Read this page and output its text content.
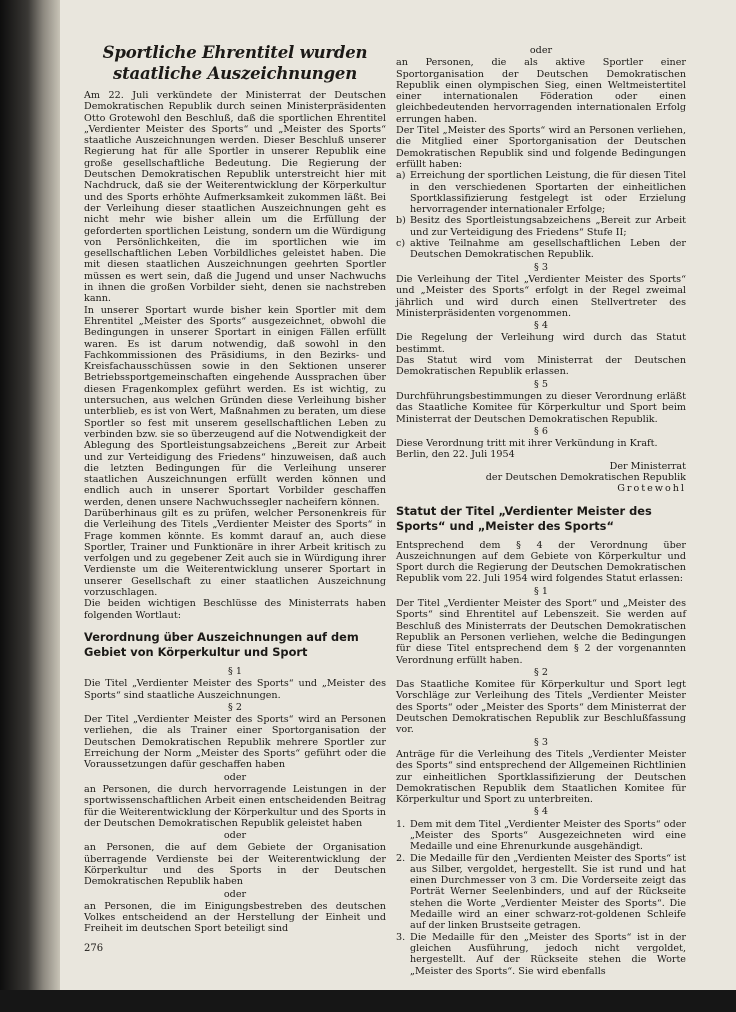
Sportliche Ehrentitel wurden staatliche Auszeichnungen

Am 22. Juli verkündete der Ministerrat der Deutschen Demokratischen Republik durch seinen Ministerpräsidenten Otto Grotewohl den Beschluß, daß die sportlichen Ehrentitel „Verdienter Meister des Sports“ und „Meister des Sports“ staatliche Auszeichnungen werden. Dieser Beschluß unserer Regierung hat für alle Sportler in unserer Republik eine große gesellschaftliche Bedeutung. Die Regierung der Deutschen Demokratischen Republik unterstreicht hier mit Nachdruck, daß sie der Weiterentwicklung der Körperkultur und des Sports erhöhte Aufmerksamkeit zukommen läßt. Bei der Verleihung dieser staatlichen Auszeichnungen geht es nicht mehr wie bisher allein um die Erfüllung der geforderten sportlichen Leistung, sondern um die Würdigung von Persönlichkeiten, die im sportlichen wie im gesellschaftlichen Leben Vorbildliches geleistet haben. Die mit diesen staatlichen Auszeichnungen geehrten Sportler müssen es wert sein, daß die Jugend und unser Nachwuchs in ihnen die großen Vorbilder sieht, denen sie nachstreben kann.

In unserer Sportart wurde bisher kein Sportler mit dem Ehrentitel „Meister des Sports“ ausgezeichnet, obwohl die Bedingungen in unserer Sportart in einigen Fällen erfüllt waren. Es ist darum notwendig, daß sowohl in den Fachkommissionen des Präsidiums, in den Bezirks- und Kreisfachausschüssen sowie in den Sektionen unserer Betriebssportgemeinschaften eingehende Aussprachen über diesen Fragenkomplex geführt werden. Es ist wichtig, zu untersuchen, aus welchen Gründen diese Verleihung bisher unterblieb, es ist von Wert, Maßnahmen zu beraten, um diese Sportler so fest mit unserem gesellschaftlichen Leben zu verbinden bzw. sie so überzeugend auf die Notwendigkeit der Ablegung des Sportleistungsabzeichens „Bereit zur Arbeit und zur Verteidigung des Friedens“ hinzuweisen, daß auch die letzten Bedingungen für die Verleihung unserer staatlichen Auszeichnungen erfüllt werden können und endlich auch in unserer Sportart Vorbilder geschaffen werden, denen unsere Nachwuchssegler nacheifern können.

Darüberhinaus gilt es zu prüfen, welcher Personenkreis für die Verleihung des Titels „Verdienter Meister des Sports“ in Frage kommen könnte. Es kommt darauf an, auch diese Sportler, Trainer und Funktionäre in ihrer Arbeit kritisch zu verfolgen und zu gegebener Zeit auch sie in Würdigung ihrer Verdienste um die Weiterentwicklung unserer Sportart in unserer Gesellschaft zu einer staatlichen Auszeichnung vorzuschlagen.

Die beiden wichtigen Beschlüsse des Ministerrats haben folgenden Wortlaut:

Verordnung über Auszeichnungen auf dem Gebiet von Körperkultur und Sport

§ 1

Die Titel „Verdienter Meister des Sports“ und „Meister des Sports“ sind staatliche Auszeichnungen.

§ 2

Der Titel „Verdienter Meister des Sports“ wird an Personen verliehen, die als Trainer einer Sportorganisation der Deutschen Demokratischen Republik mehrere Sportler zur Erreichung der Norm „Meister des Sports“ geführt oder die Voraussetzungen dafür geschaffen haben

oder

an Personen, die durch hervorragende Leistungen in der sportwissenschaftlichen Arbeit einen entscheidenden Beitrag für die Weiterentwicklung der Körperkultur und des Sports in der Deutschen Demokratischen Republik geleistet haben

oder

an Personen, die auf dem Gebiete der Organisation überragende Verdienste bei der Weiterentwicklung der Körperkultur und des Sports in der Deutschen Demokratischen Republik haben

oder

an Personen, die im Einigungsbestreben des deutschen Volkes entscheidend an der Herstellung der Einheit und Freiheit im deutschen Sport beteiligt sind

276

oder

an Personen, die als aktive Sportler einer Sportorganisation der Deutschen Demokratischen Republik einen olympischen Sieg, einen Weltmeistertitel einer internationalen Föderation oder einen gleichbedeutenden hervorragenden internationalen Erfolg errungen haben.

Der Titel „Meister des Sports“ wird an Personen verliehen, die Mitglied einer Sportorganisation der Deutschen Demokratischen Republik sind und folgende Bedingungen erfüllt haben:

a) Erreichung der sportlichen Leistung, die für diesen Titel in den verschiedenen Sportarten der einheitlichen Sportklassifizierung festgelegt ist oder Erzielung hervorragender internationaler Erfolge;
b) Besitz des Sportleistungsabzeichens „Bereit zur Arbeit und zur Verteidigung des Friedens“ Stufe II;
c) aktive Teilnahme am gesellschaftlichen Leben der Deutschen Demokratischen Republik.

§ 3

Die Verleihung der Titel „Verdienter Meister des Sports“ und „Meister des Sports“ erfolgt in der Regel zweimal jährlich und wird durch einen Stellvertreter des Ministerpräsidenten vorgenommen.

§ 4

Die Regelung der Verleihung wird durch das Statut bestimmt.

Das Statut wird vom Ministerrat der Deutschen Demokratischen Republik erlassen.

§ 5

Durchführungsbestimmungen zu dieser Verordnung erläßt das Staatliche Komitee für Körperkultur und Sport beim Ministerrat der Deutschen Demokratischen Republik.

§ 6

Diese Verordnung tritt mit ihrer Verkündung in Kraft.

Berlin, den 22. Juli 1954

Der Ministerrat

der Deutschen Demokratischen Republik

Grotewohl

Statut der Titel „Verdienter Meister des Sports“ und „Meister des Sports“

Entsprechend dem § 4 der Verordnung über Auszeichnungen auf dem Gebiete von Körperkultur und Sport durch die Regierung der Deutschen Demokratischen Republik vom 22. Juli 1954 wird folgendes Statut erlassen:

§ 1

Der Titel „Verdienter Meister des Sport“ und „Meister des Sports“ sind Ehrentitel auf Lebenszeit. Sie werden auf Beschluß des Ministerrats der Deutschen Demokratischen Republik an Personen verliehen, welche die Bedingungen für diese Titel entsprechend dem § 2 der vorgenannten Verordnung erfüllt haben.

§ 2

Das Staatliche Komitee für Körperkultur und Sport legt Vorschläge zur Verleihung des Titels „Verdienter Meister des Sports“ oder „Meister des Sports“ dem Ministerrat der Deutschen Demokratischen Republik zur Beschlußfassung vor.

§ 3

Anträge für die Verleihung des Titels „Verdienter Meister des Sports“ sind entsprechend der Allgemeinen Richtlinien zur einheitlichen Sportklassifizierung der Deutschen Demokratischen Republik dem Staatlichen Komitee für Körperkultur und Sport zu unterbreiten.

§ 4

1. Dem mit dem Titel „Verdienter Meister des Sports“ oder „Meister des Sports“ Ausgezeichneten wird eine Medaille und eine Ehrenurkunde ausgehändigt.
2. Die Medaille für den „Verdienten Meister des Sports“ ist aus Silber, vergoldet, hergestellt. Sie ist rund und hat einen Durchmesser von 3 cm. Die Vorderseite zeigt das Porträt Werner Seelenbinders, und auf der Rückseite stehen die Worte „Verdienter Meister des Sports“. Die Medaille wird an einer schwarz-rot-goldenen Schleife auf der linken Brustseite getragen.
3. Die Medaille für den „Meister des Sports“ ist in der gleichen Ausführung, jedoch nicht vergoldet, hergestellt. Auf der Rückseite stehen die Worte „Meister des Sports“. Sie wird ebenfalls
